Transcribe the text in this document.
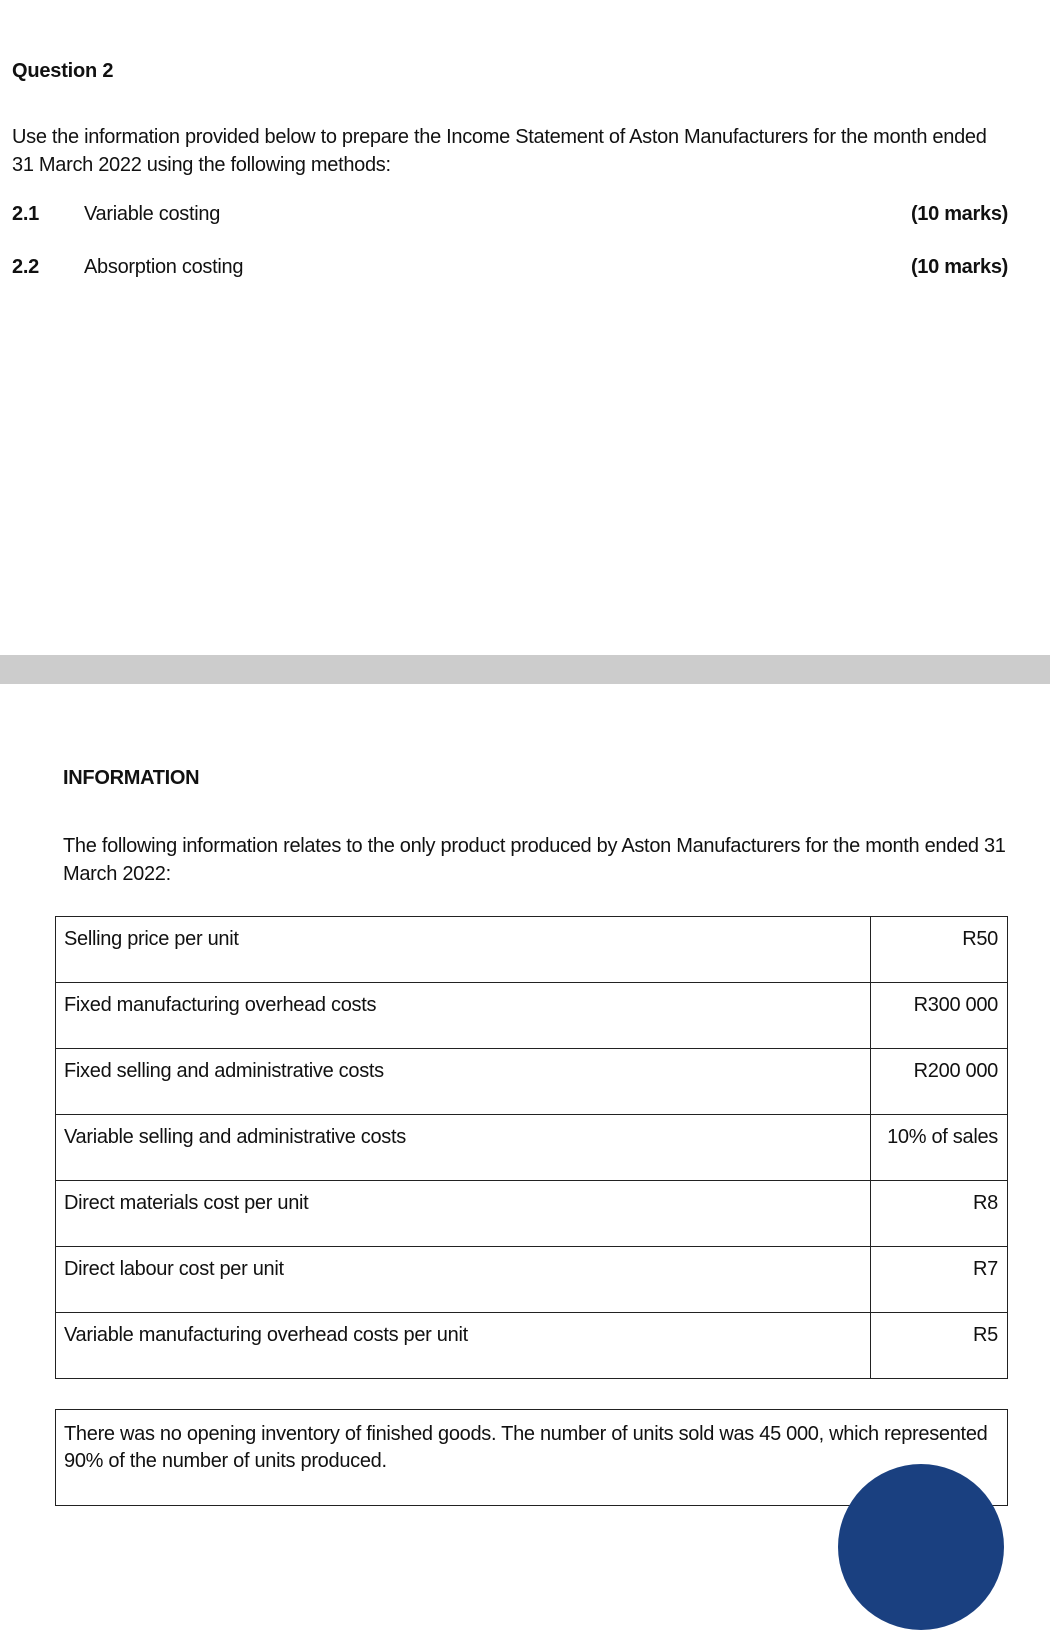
Question 2
Use the information provided below to prepare the Income Statement of Aston Manufacturers for the month ended 31 March 2022 using the following methods:
2.1	Variable costing	(10 marks)
2.2	Absorption costing	(10 marks)
INFORMATION
The following information relates to the only product produced by Aston Manufacturers for the month ended 31 March 2022:
Selling price per unit	R50
Fixed manufacturing overhead costs	R300 000
Fixed selling and administrative costs	R200 000
Variable selling and administrative costs	10% of sales
Direct materials cost per unit	R8
Direct labour cost per unit	R7
Variable manufacturing overhead costs per unit	R5
There was no opening inventory of finished goods. The number of units sold was 45 000, which represented 90% of the number of units produced.
